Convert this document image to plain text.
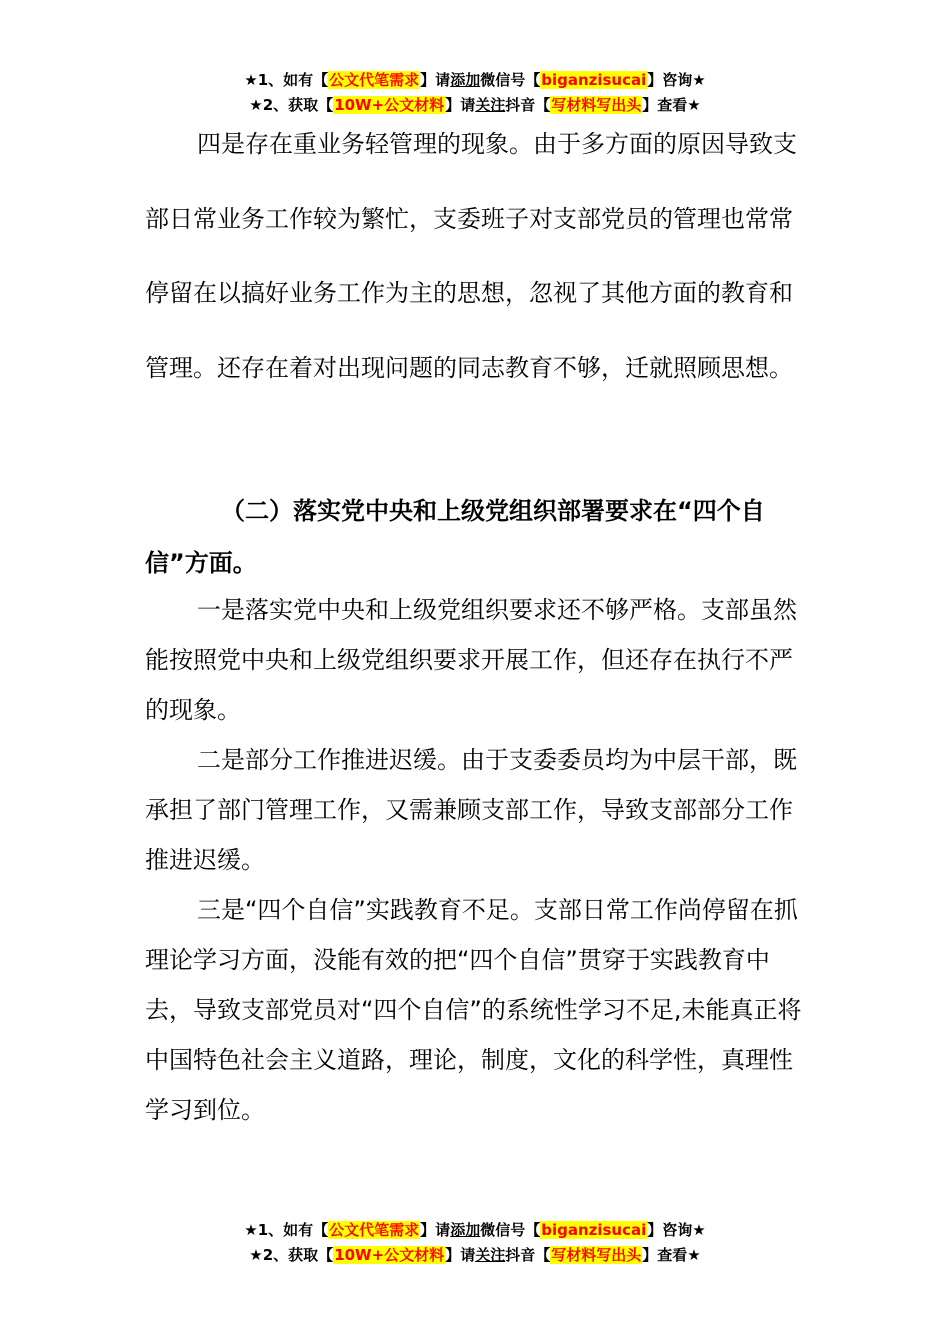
★1、如有【公文代笔需求】请添加微信号【biganzisucai】咨询★
★2、获取【10W+公文材料】请关注抖音【写材料写出头】查看★

四是存在重业务轻管理的现象。由于多方面的原因导致支部日常业务工作较为繁忙，支委班子对支部党员的管理也常常停留在以搞好业务工作为主的思想，忽视了其他方面的教育和管理。还存在着对出现问题的同志教育不够，迁就照顾思想。

（二）落实党中央和上级党组织部署要求在“四个自信”方面。

一是落实党中央和上级党组织要求还不够严格。支部虽然能按照党中央和上级党组织要求开展工作，但还存在执行不严的现象。

二是部分工作推进迟缓。由于支委委员均为中层干部，既承担了部门管理工作，又需兼顾支部工作，导致支部部分工作推进迟缓。

三是“四个自信”实践教育不足。支部日常工作尚停留在抓理论学习方面，没能有效的把“四个自信”贯穿于实践教育中去，导致支部党员对“四个自信”的系统性学习不足,未能真正将中国特色社会主义道路，理论，制度，文化的科学性，真理性学习到位。

★1、如有【公文代笔需求】请添加微信号【biganzisucai】咨询★
★2、获取【10W+公文材料】请关注抖音【写材料写出头】查看★
